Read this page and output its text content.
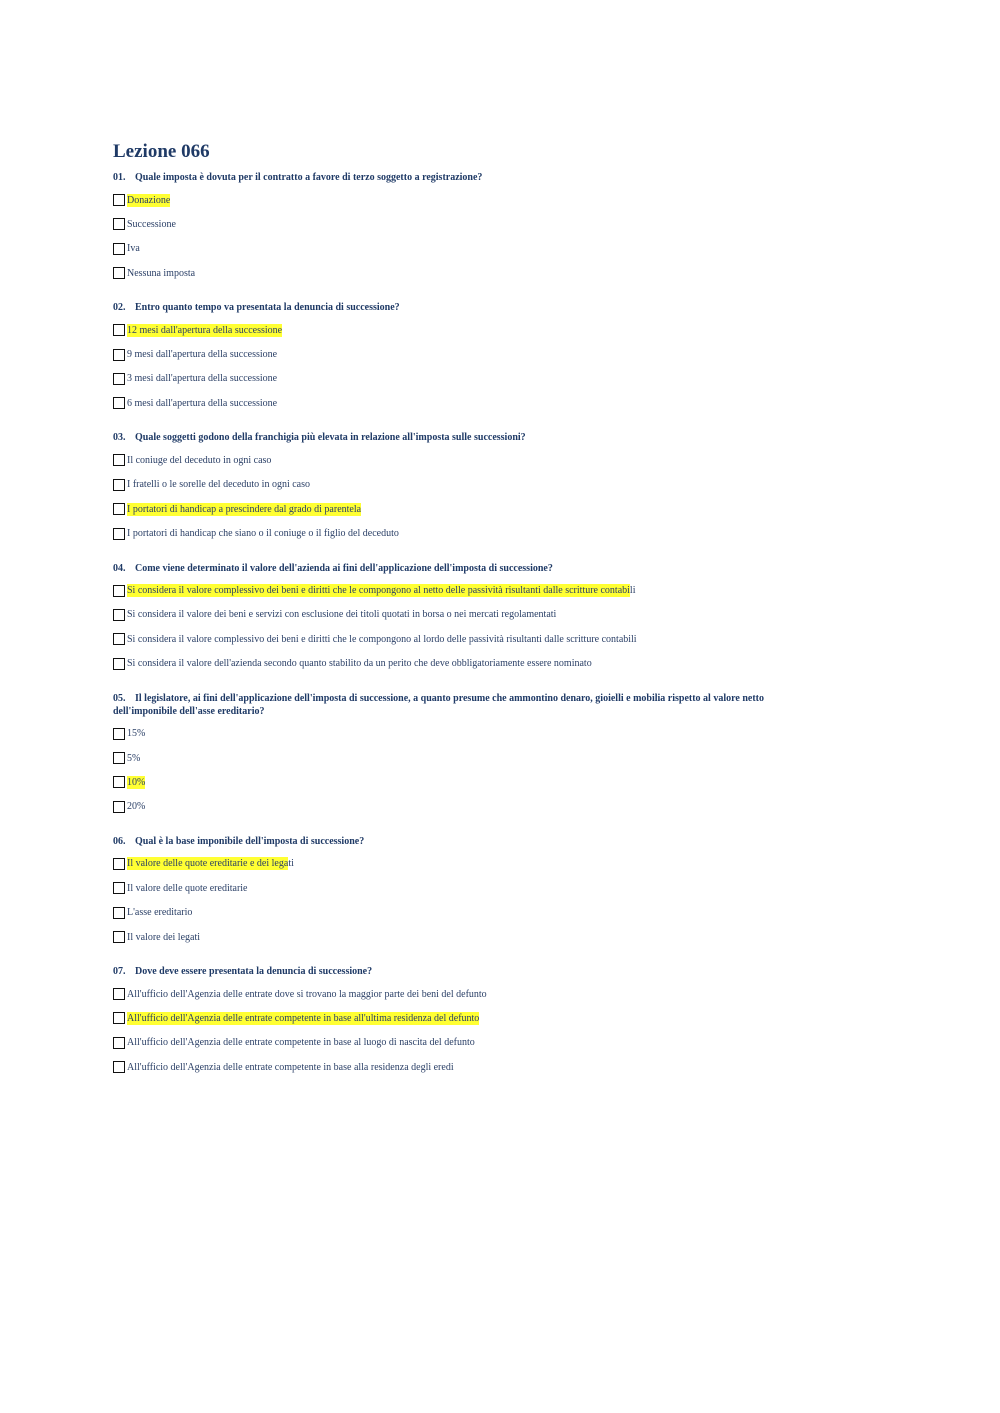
Lezione 066
01. Quale imposta è dovuta per il contratto a favore di terzo soggetto a registrazione?
Donazione
Successione
Iva
Nessuna imposta
02. Entro quanto tempo va presentata la denuncia di successione?
12 mesi dall'apertura della successione
9 mesi dall'apertura della successione
3 mesi dall'apertura della successione
6 mesi dall'apertura della successione
03. Quale soggetti godono della franchigia più elevata in relazione all'imposta sulle successioni?
Il coniuge del deceduto in ogni caso
I fratelli o le sorelle del deceduto in ogni caso
I portatori di handicap a prescindere dal grado di parentela
I portatori di handicap che siano o il coniuge o il figlio del deceduto
04. Come viene determinato il valore dell'azienda ai fini dell'applicazione dell'imposta di successione?
Si considera il valore complessivo dei beni e diritti che le compongono al netto delle passività risultanti dalle scritture contabi li
Si considera il valore dei beni e servizi con esclusione dei titoli quotati in borsa o nei mercati regolamentati
Si considera il valore complessivo dei beni e diritti che le compongono al lordo delle passività risultanti dalle scritture contabili
Si considera il valore dell'azienda secondo quanto stabilito da un perito che deve obbligatoriamente essere nominato
05. Il legislatore, ai fini dell'applicazione dell'imposta di successione, a quanto presume che ammontino denaro, gioielli e mobilia rispetto al valore netto dell'imponibile dell'asse ereditario?
15%
5%
10%
20%
06. Qual è la base imponibile dell'imposta di successione?
Il valore delle quote ereditarie e dei lega ti
Il valore delle quote ereditarie
L'asse ereditario
Il valore dei legati
07. Dove deve essere presentata la denuncia di successione?
All'ufficio dell'Agenzia delle entrate dove si trovano la maggior parte dei beni del defunto
All'ufficio dell'Agenzia delle entrate competente in base all'ultima residenza del defunto
All'ufficio dell'Agenzia delle entrate competente in base al luogo di nascita del defunto
All'ufficio dell'Agenzia delle entrate competente in base alla residenza degli eredi
